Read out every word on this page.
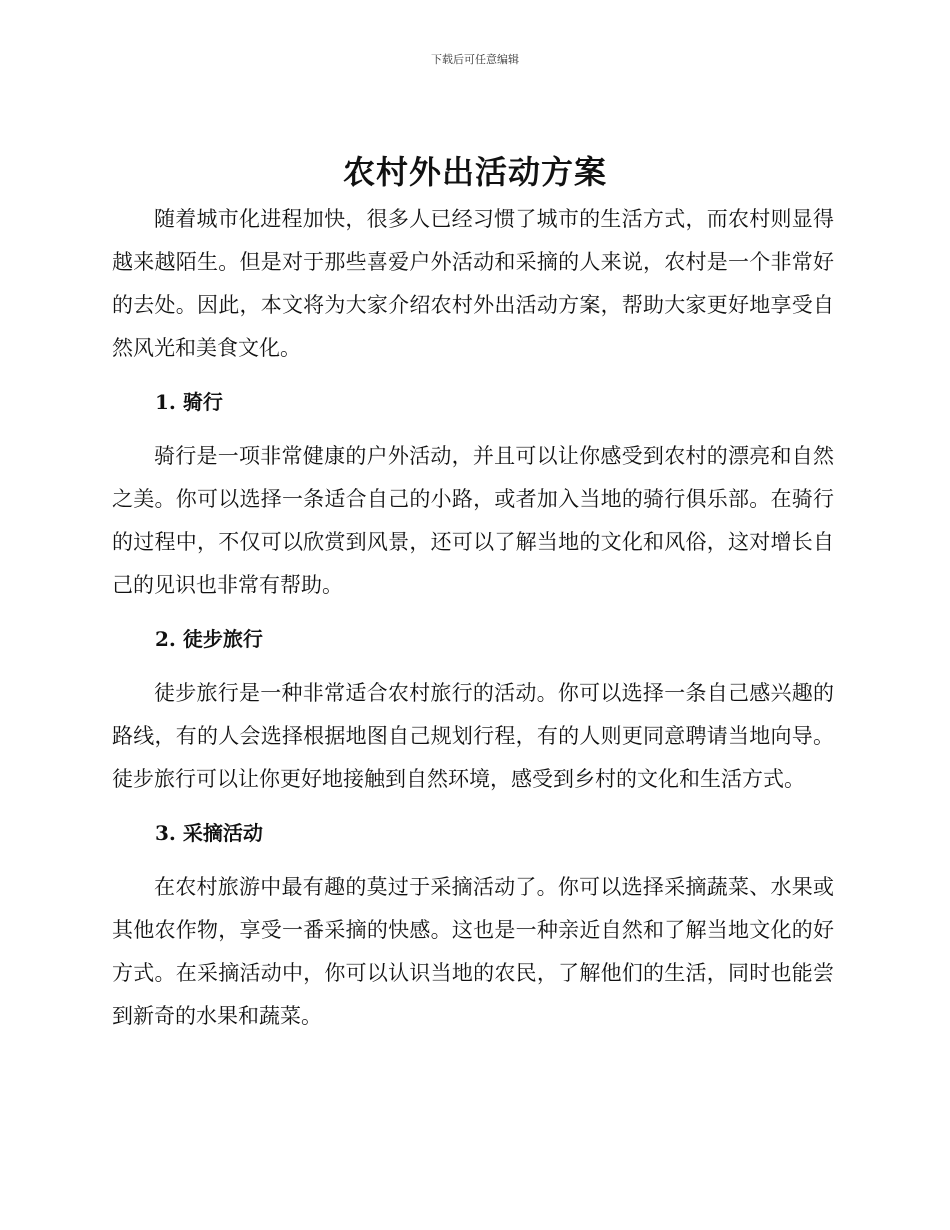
下载后可任意编辑
农村外出活动方案

随着城市化进程加快，很多人已经习惯了城市的生活方式，而农村则显得越来越陌生。但是对于那些喜爱户外活动和采摘的人来说，农村是一个非常好的去处。因此，本文将为大家介绍农村外出活动方案，帮助大家更好地享受自然风光和美食文化。

1. 骑行

骑行是一项非常健康的户外活动，并且可以让你感受到农村的漂亮和自然之美。你可以选择一条适合自己的小路，或者加入当地的骑行俱乐部。在骑行的过程中，不仅可以欣赏到风景，还可以了解当地的文化和风俗，这对增长自己的见识也非常有帮助。

2. 徒步旅行

徒步旅行是一种非常适合农村旅行的活动。你可以选择一条自己感兴趣的路线，有的人会选择根据地图自己规划行程，有的人则更同意聘请当地向导。徒步旅行可以让你更好地接触到自然环境，感受到乡村的文化和生活方式。

3. 采摘活动

在农村旅游中最有趣的莫过于采摘活动了。你可以选择采摘蔬菜、水果或其他农作物，享受一番采摘的快感。这也是一种亲近自然和了解当地文化的好方式。在采摘活动中，你可以认识当地的农民，了解他们的生活，同时也能尝到新奇的水果和蔬菜。
